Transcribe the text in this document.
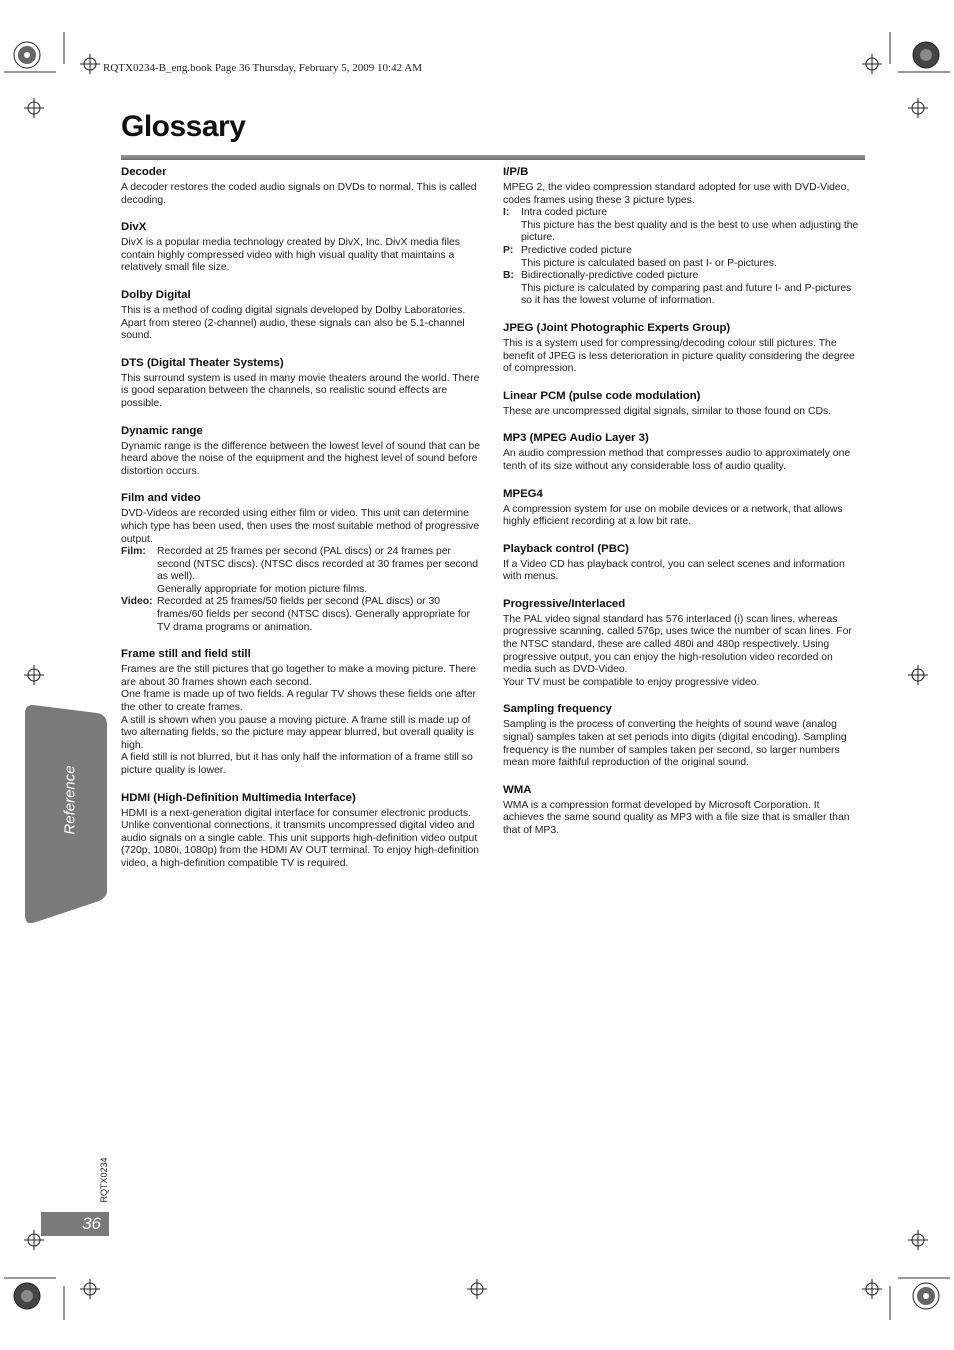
RQTX0234-B_eng.book Page 36 Thursday, February 5, 2009 10:42 AM
Glossary
Reference
RQTX0234
36
Decoder

A decoder restores the coded audio signals on DVDs to normal. This is called decoding.

DivX

DivX is a popular media technology created by DivX, Inc. DivX media files contain highly compressed video with high visual quality that maintains a relatively small file size.

Dolby Digital

This is a method of coding digital signals developed by Dolby Laboratories. Apart from stereo (2-channel) audio, these signals can also be 5.1-channel sound.

DTS (Digital Theater Systems)

This surround system is used in many movie theaters around the world. There is good separation between the channels, so realistic sound effects are possible.

Dynamic range

Dynamic range is the difference between the lowest level of sound that can be heard above the noise of the equipment and the highest level of sound before distortion occurs.

Film and video

DVD-Videos are recorded using either film or video. This unit can determine which type has been used, then uses the most suitable method of progressive output.

Film:	Recorded at 25 frames per second (PAL discs) or 24 frames per second (NTSC discs). (NTSC discs recorded at 30 frames per second as well).

Generally appropriate for motion picture films.

Video: Recorded at 25 frames/50 fields per second (PAL discs) or 30 frames/60 fields per second (NTSC discs). Generally appropriate for TV drama programs or animation.
Frame still and field still

Frames are the still pictures that go together to make a moving picture. There are about 30 frames shown each second.

One frame is made up of two fields. A regular TV shows these fields one after the other to create frames.

A still is shown when you pause a moving picture. A frame still is made up of two alternating fields, so the picture may appear blurred, but overall quality is high.

A field still is not blurred, but it has only half the information of a frame still so picture quality is lower.

HDMI (High-Definition Multimedia Interface)

HDMI is a next-generation digital interface for consumer electronic products. Unlike conventional connections, it transmits uncompressed digital video and audio signals on a single cable. This unit supports high-definition video output (720p, 1080i, 1080p) from the HDMI AV OUT terminal. To enjoy high-definition video, a high-definition compatible TV is required.

I/P/B

MPEG 2, the video compression standard adopted for use with DVD-Video, codes frames using these 3 picture types.

I:	Intra coded picture

This picture has the best quality and is the best to use when adjusting the picture.

P: Predictive coded picture

This picture is calculated based on past I- or P-pictures.

B: Bidirectionally-predictive coded picture

This picture is calculated by comparing past and future I- and P-pictures so it has the lowest volume of information.

JPEG (Joint Photographic Experts Group)

This is a system used for compressing/decoding colour still pictures. The benefit of JPEG is less deterioration in picture quality considering the degree of compression.

Linear PCM (pulse code modulation)

These are uncompressed digital signals, similar to those found on CDs.

MP3 (MPEG Audio Layer 3)

An audio compression method that compresses audio to approximately one tenth of its size without any considerable loss of audio quality.

MPEG4

A compression system for use on mobile devices or a network, that allows highly efficient recording at a low bit rate.

Playback control (PBC)

If a Video CD has playback control, you can select scenes and information with menus.

Progressive/Interlaced

The PAL video signal standard has 576 interlaced (i) scan lines, whereas progressive scanning, called 576p, uses twice the number of scan lines. For the NTSC standard, these are called 480i and 480p respectively. Using progressive output, you can enjoy the high-resolution video recorded on media such as DVD-Video.

Your TV must be compatible to enjoy progressive video.

Sampling frequency

Sampling is the process of converting the heights of sound wave (analog signal) samples taken at set periods into digits (digital encoding). Sampling frequency is the number of samples taken per second, so larger numbers mean more faithful reproduction of the original sound.

WMA

WMA is a compression format developed by Microsoft Corporation. It achieves the same sound quality as MP3 with a file size that is smaller than that of MP3.
